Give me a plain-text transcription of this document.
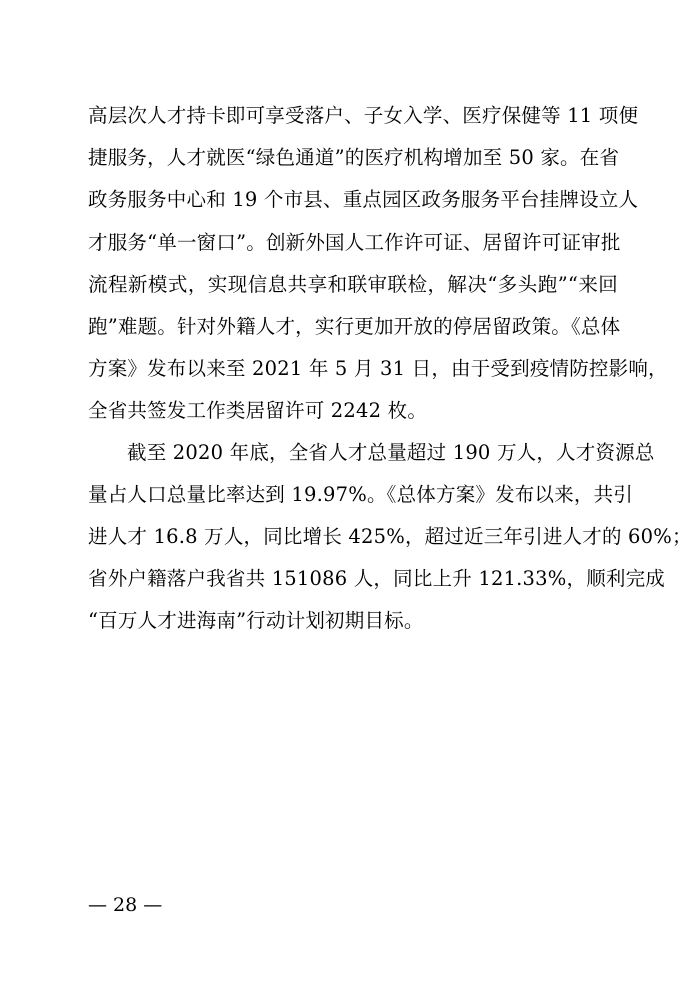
高层次人才持卡即可享受落户、子女入学、医疗保健等 11 项便
捷服务，人才就医“绿色通道”的医疗机构增加至 50 家。在省
政务服务中心和 19 个市县、重点园区政务服务平台挂牌设立人
才服务“单一窗口”。创新外国人工作许可证、居留许可证审批
流程新模式，实现信息共享和联审联检，解决“多头跑”“来回
跑”难题。针对外籍人才，实行更加开放的停居留政策。《总体
方案》发布以来至 2021 年 5 月 31 日，由于受到疫情防控影响，
全省共签发工作类居留许可 2242 枚。
截至 2020 年底，全省人才总量超过 190 万人，人才资源总
量占人口总量比率达到 19.97%。《总体方案》发布以来，共引
进人才 16.8 万人，同比增长 425%，超过近三年引进人才的 60%；
省外户籍落户我省共 151086 人，同比上升 121.33%，顺利完成
“百万人才进海南”行动计划初期目标。
— 28 —
